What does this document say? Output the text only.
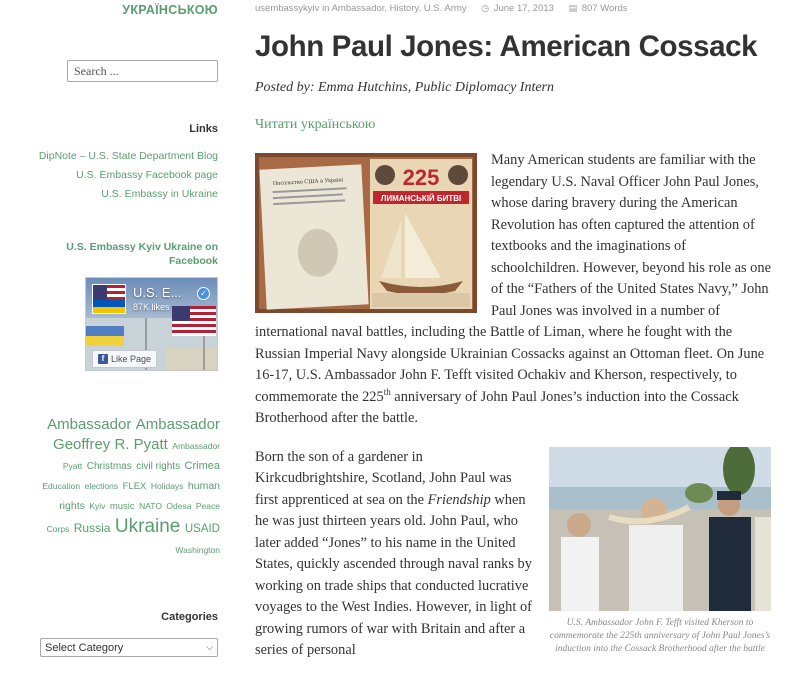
УКРАЇНСЬКОЮ
Search ...
Links
DipNote – U.S. State Department Blog
U.S. Embassy Facebook page
U.S. Embassy in Ukraine
U.S. Embassy Kyiv Ukraine on Facebook
U.S. E...	✓
87K likes
f Like Page
Ambassador Ambassador Geoffrey R. Pyatt Ambassador Pyatt Christmas civil rights Crimea Education elections FLEX Holidays human rights Kyiv music NATO Odesa Peace Corps Russia Ukraine USAID Washington
Categories
Select Category	⌵
usembassykyiv in Ambassador, History, U.S. Army ◷ June 17, 2013 ▤ 807 Words
John Paul Jones: American Cossack
Posted by: Emma Hutchins, Public Diplomacy Intern
Читати українською

Посольство США в Україні	225
ЛИМАНСЬКІЙ БИТВІ
Many American students are familiar with the legendary U.S. Naval Officer John Paul Jones, whose daring bravery during the American Revolution has often captured the attention of textbooks and the imaginations of schoolchildren. However, beyond his role as one of the “Fathers of the United States Navy,” John Paul Jones was involved in a number of international naval battles, including the Battle of Liman, where he fought with the Russian Imperial Navy alongside Ukrainian Cossacks against an Ottoman fleet. On June 16-17, U.S. Ambassador John F. Tefft visited Ochakiv and Kherson, respectively, to commemorate the 225th anniversary of John Paul Jones’s induction into the Cossack Brotherhood after the battle.

U.S. Ambassador John F. Tefft visited Kherson to commemorate the 225th anniversary of John Paul Jones’s induction into the Cossack Brotherhood after the battle
Born the son of a gardener in Kirkcudbrightshire, Scotland, John Paul was first apprenticed at sea on the Friendship when he was just thirteen years old. John Paul, who later added “Jones” to his name in the United States, quickly ascended through naval ranks by working on trade ships that conducted lucrative voyages to the West Indies. However, in light of growing rumors of war with Britain and after a series of personal
